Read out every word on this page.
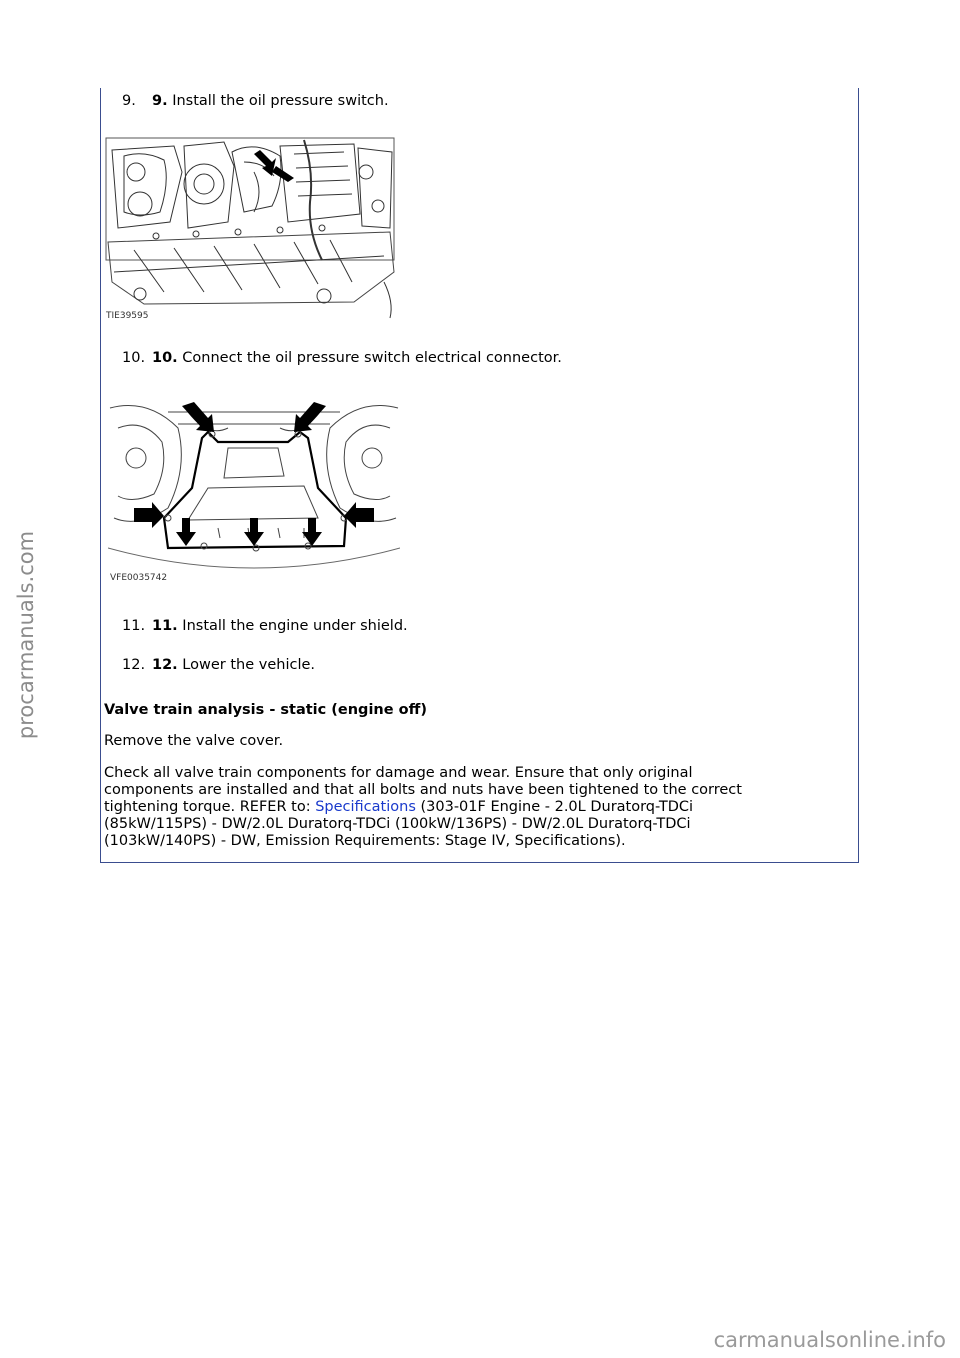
procarmanuals.com
9. 9. Install the oil pressure switch.
TIE39595
10. 10. Connect the oil pressure switch electrical connector.
VFE0035742
11. 11. Install the engine under shield.
12. 12. Lower the vehicle.
Valve train analysis - static (engine off)
Remove the valve cover.
Check all valve train components for damage and wear. Ensure that only original
components are installed and that all bolts and nuts have been tightened to the correct
tightening torque. REFER to: Specifications (303-01F Engine - 2.0L Duratorq-TDCi
(85kW/115PS) - DW/2.0L Duratorq-TDCi (100kW/136PS) - DW/2.0L Duratorq-TDCi
(103kW/140PS) - DW, Emission Requirements: Stage IV, Specifications).
carmanualsonline.info
